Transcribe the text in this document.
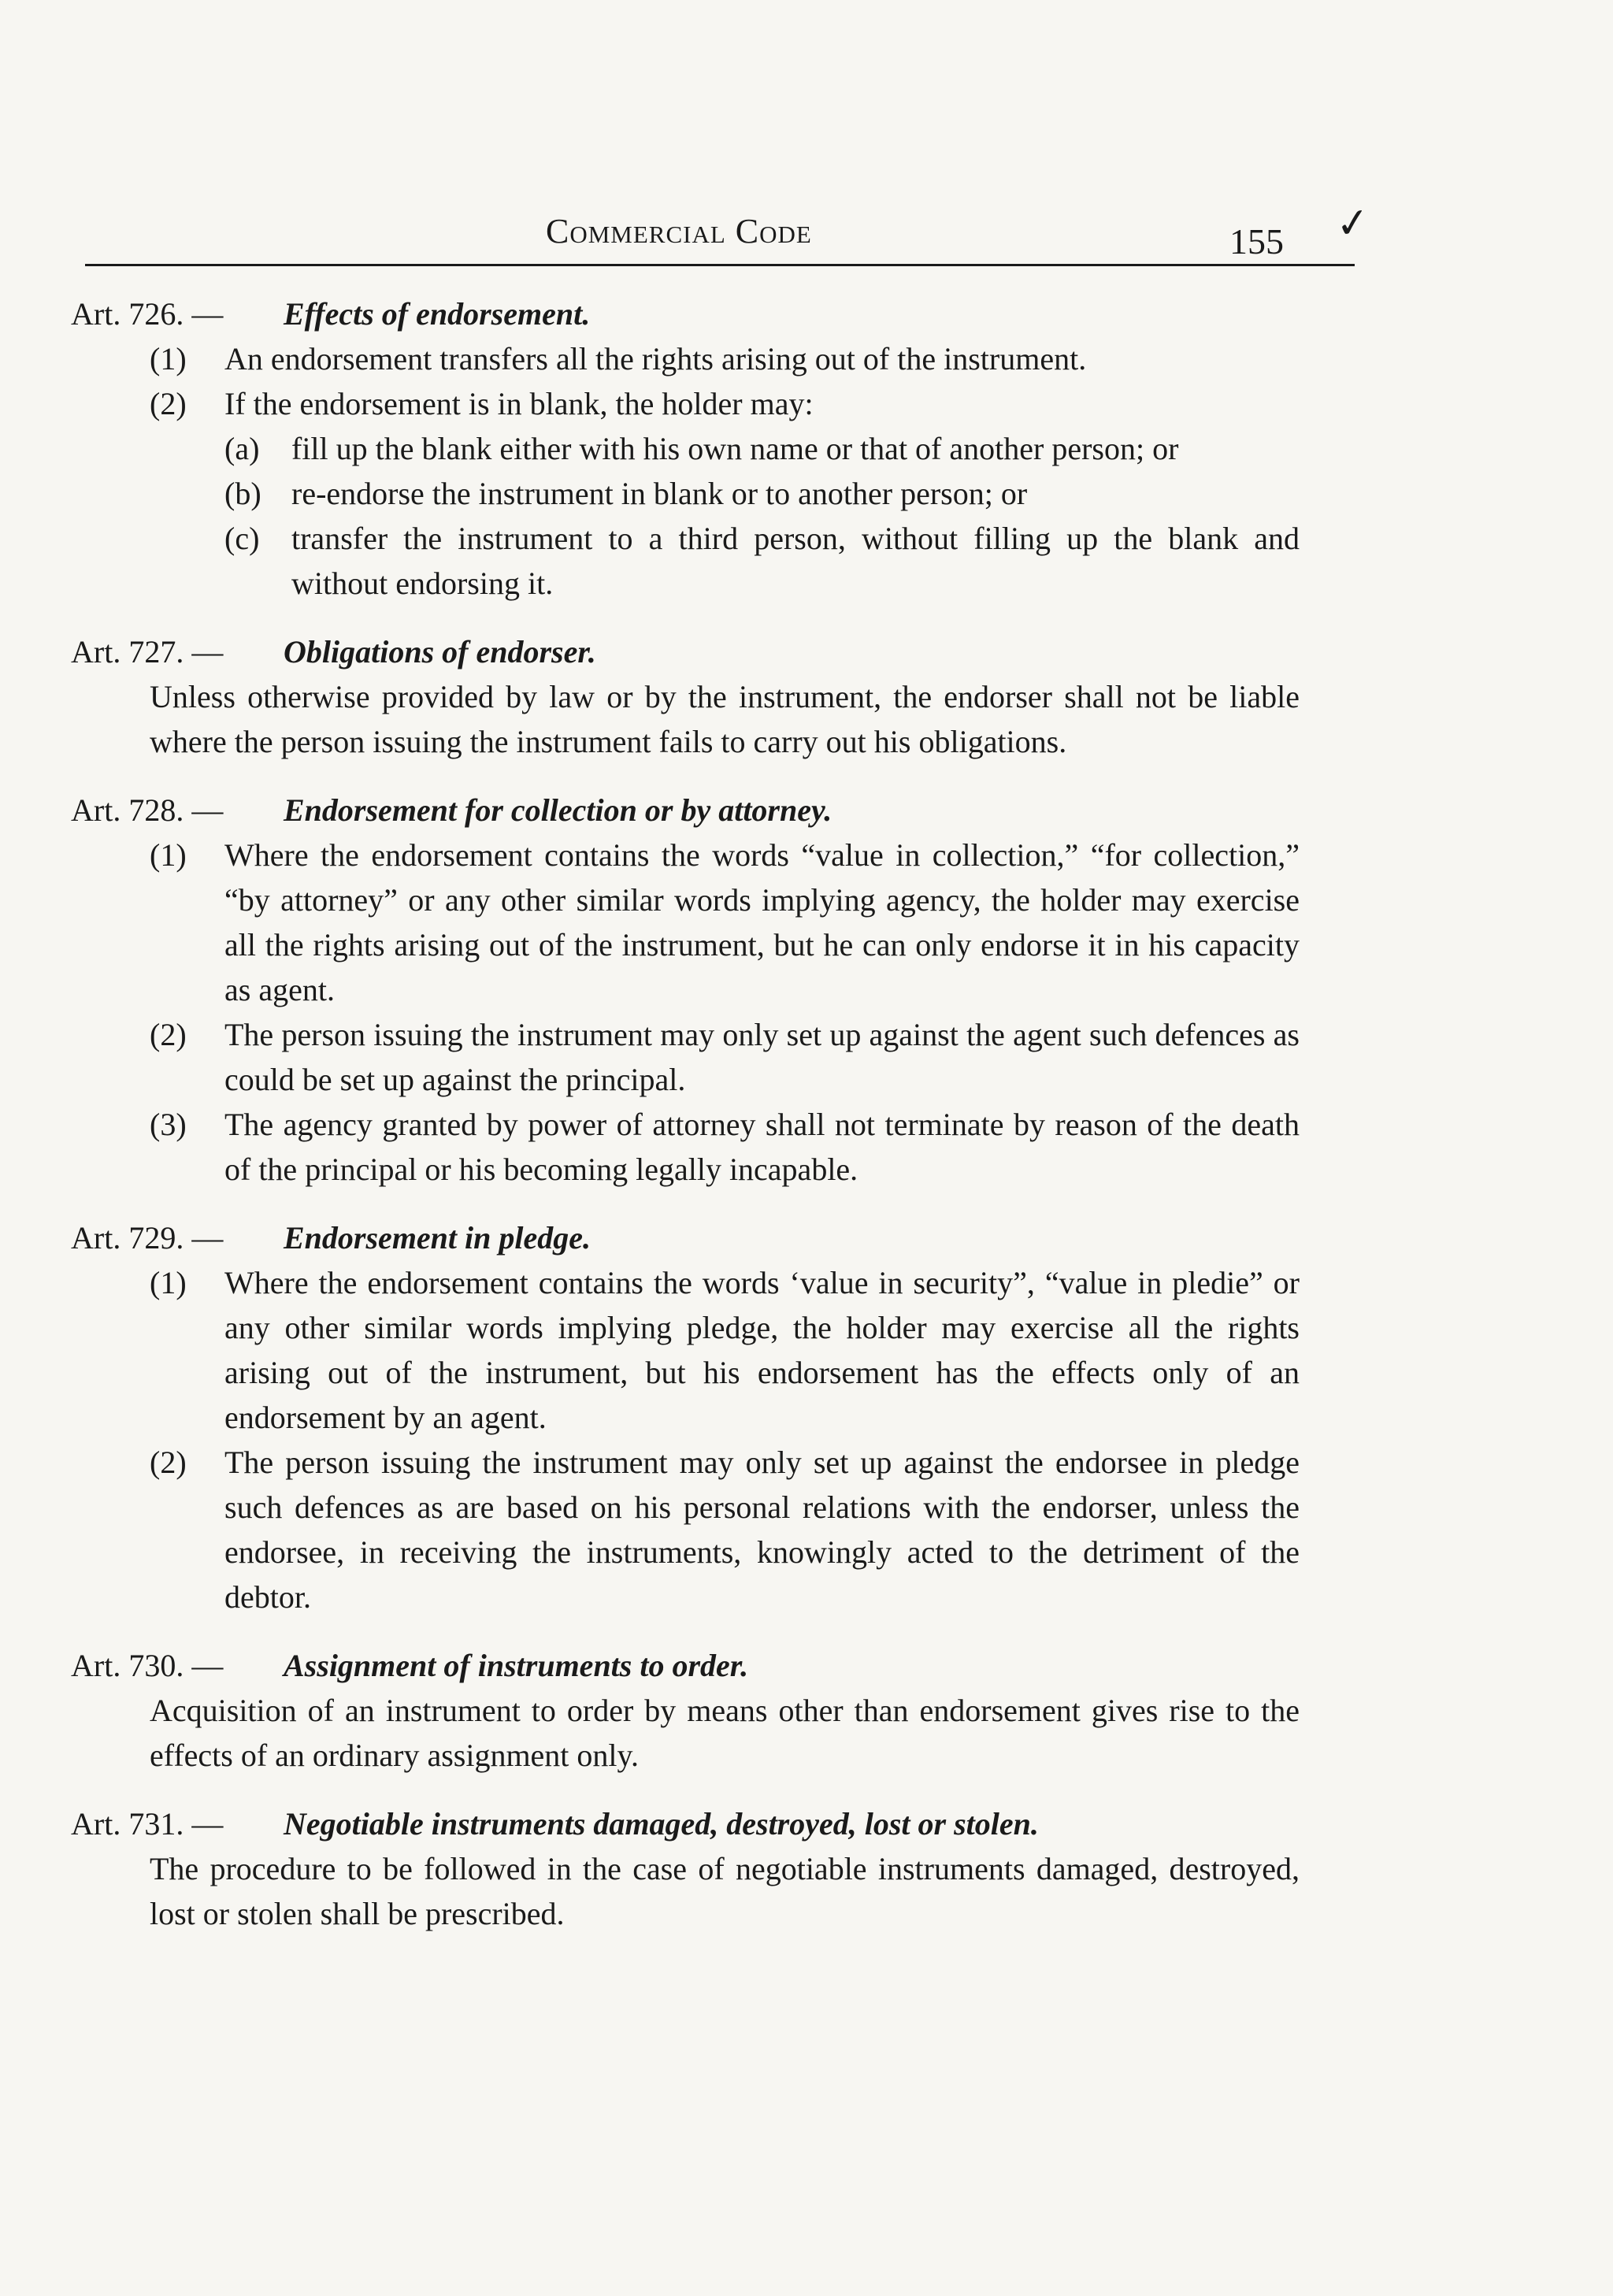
Commercial Code	155 ✓
Art. 726. —	Effects of endorsement.
(1)	An endorsement transfers all the rights arising out of the instrument.
(2)	If the endorsement is in blank, the holder may:
(a)	fill up the blank either with his own name or that of another person; or
(b) re-endorse the instrument in blank or to another person; or
(c)	transfer the instrument to a third person, without filling up the blank and without endorsing it.
Art. 727. —	Obligations of endorser.
Unless otherwise provided by law or by the instrument, the endorser shall not be liable where the person issuing the instrument fails to carry out his obligations.
Art. 728. —	Endorsement for collection or by attorney.
(1)	Where the endorsement contains the words “value in collection,” “for collection,” “by attorney” or any other similar words implying agency, the holder may exercise all the rights arising out of the instrument, but he can only endorse it in his capacity as agent.
(2)	The person issuing the instrument may only set up against the agent such defences as could be set up against the principal.
(3)	The agency granted by power of attorney shall not terminate by reason of the death of the principal or his becoming legally incapable.
Art. 729. —	Endorsement in pledge.
(1)	Where the endorsement contains the words ‘value in security”, “value in pledie” or any other similar words implying pledge, the holder may exercise all the rights arising out of the instrument, but his endorsement has the effects only of an endorsement by an agent.
(2)	The person issuing the instrument may only set up against the endorsee in pledge such defences as are based on his personal relations with the endorser, unless the endorsee, in receiving the instruments, knowingly acted to the detriment of the debtor.
Art. 730. —	Assignment of instruments to order.
Acquisition of an instrument to order by means other than endorsement gives rise to the effects of an ordinary assignment only.
Art. 731. —	Negotiable instruments damaged, destroyed, lost or stolen.
The procedure to be followed in the case of negotiable instruments damaged, destroyed, lost or stolen shall be prescribed.
